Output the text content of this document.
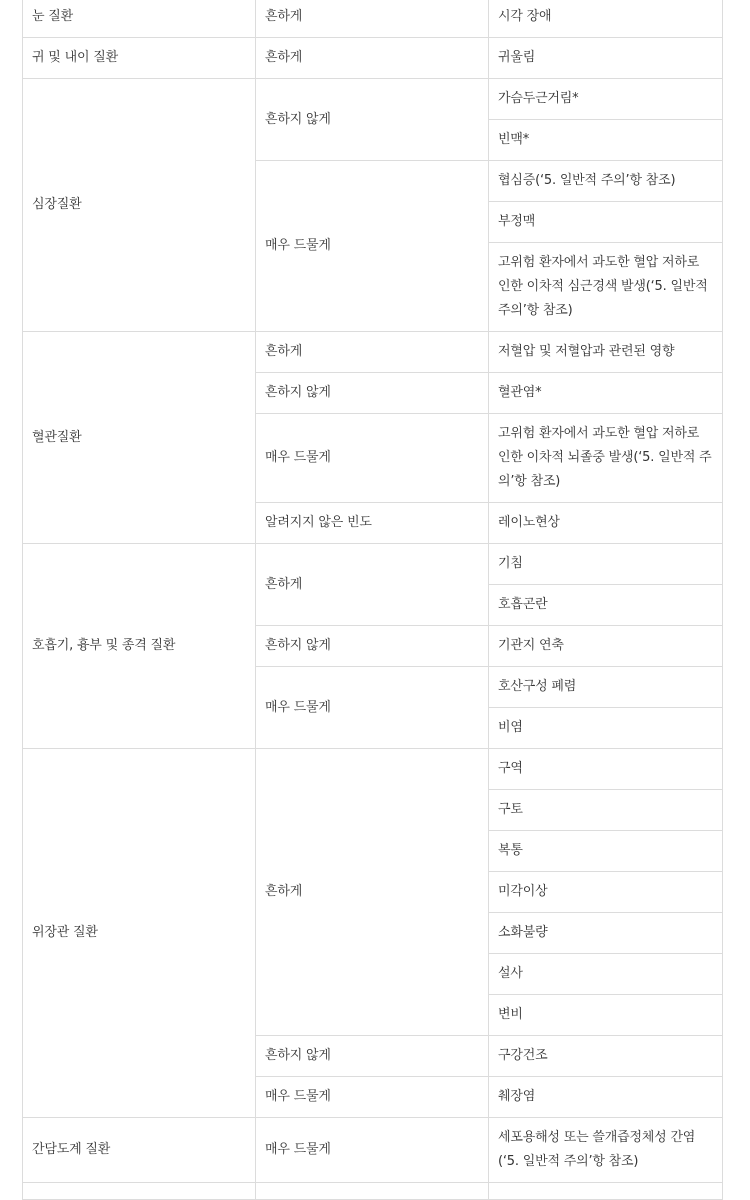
눈 질환	흔하게	시각 장애
귀 및 내이 질환	흔하게	귀울림
심장질환	흔하지 않게	가슴두근거림*
		빈맥*
	매우 드물게	협심증(‘5. 일반적 주의’항 참조)
		부정맥
		고위험 환자에서 과도한 혈압 저하로 인한 이차적 심근경색 발생(‘5. 일반적 주의’항 참조)
혈관질환	흔하게	저혈압 및 저혈압과 관련된 영향
	흔하지 않게	혈관염*
	매우 드물게	고위험 환자에서 과도한 혈압 저하로 인한 이차적 뇌졸중 발생(‘5. 일반적 주의’항 참조)
	알려지지 않은 빈도	레이노현상
호흡기, 흉부 및 종격 질환	흔하게	기침
		호흡곤란
	흔하지 않게	기관지 연축
	매우 드물게	호산구성 폐렴
		비염
위장관 질환	흔하게	구역
		구토
		복통
		미각이상
		소화불량
		설사
		변비
	흔하지 않게	구강건조
	매우 드물게	췌장염
간담도계 질환	매우 드물게	세포용해성 또는 쓸개즙정체성 간염(‘5. 일반적 주의’항 참조)
